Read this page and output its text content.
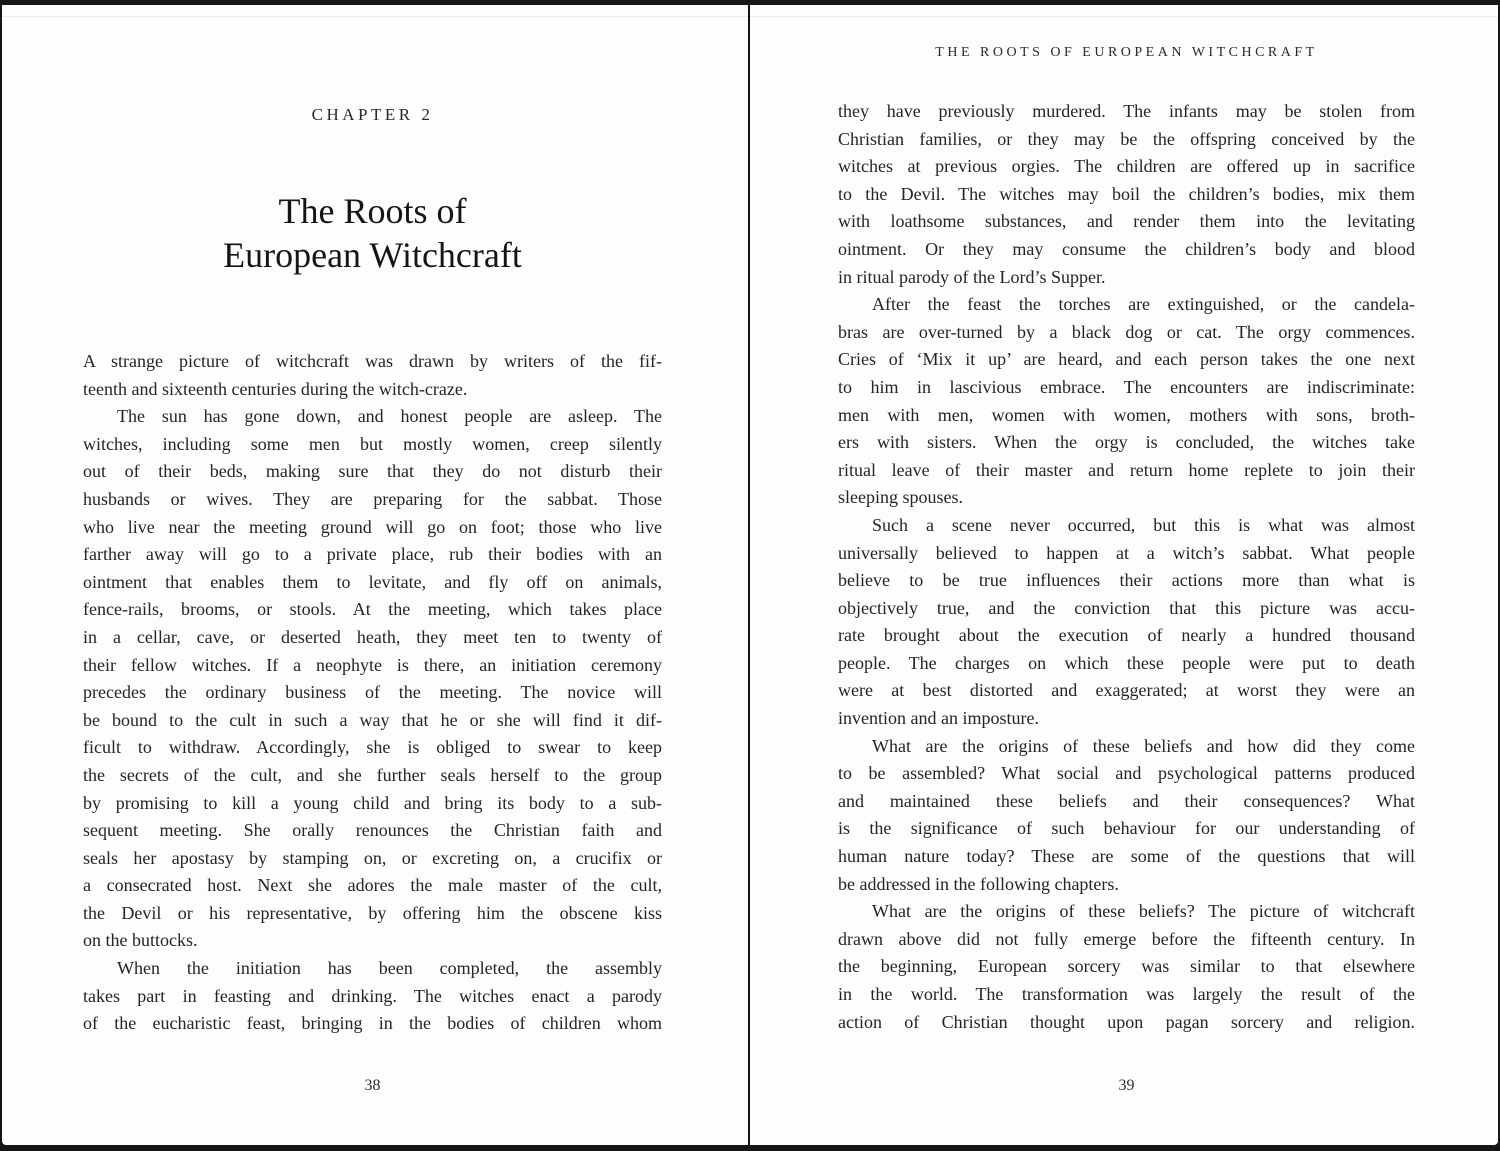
CHAPTER 2
The Roots of
European Witchcraft
A strange picture of witchcraft was drawn by writers of the fif-
teenth and sixteenth centuries during the witch-craze.
The sun has gone down, and honest people are asleep. The
witches, including some men but mostly women, creep silently
out of their beds, making sure that they do not disturb their
husbands or wives. They are preparing for the sabbat. Those
who live near the meeting ground will go on foot; those who live
farther away will go to a private place, rub their bodies with an
ointment that enables them to levitate, and fly off on animals,
fence-rails, brooms, or stools. At the meeting, which takes place
in a cellar, cave, or deserted heath, they meet ten to twenty of
their fellow witches. If a neophyte is there, an initiation ceremony
precedes the ordinary business of the meeting. The novice will
be bound to the cult in such a way that he or she will find it dif-
ficult to withdraw. Accordingly, she is obliged to swear to keep
the secrets of the cult, and she further seals herself to the group
by promising to kill a young child and bring its body to a sub-
sequent meeting. She orally renounces the Christian faith and
seals her apostasy by stamping on, or excreting on, a crucifix or
a consecrated host. Next she adores the male master of the cult,
the Devil or his representative, by offering him the obscene kiss
on the buttocks.
When the initiation has been completed, the assembly
takes part in feasting and drinking. The witches enact a parody
of the eucharistic feast, bringing in the bodies of children whom
38
THE ROOTS OF EUROPEAN WITCHCRAFT
they have previously murdered. The infants may be stolen from
Christian families, or they may be the offspring conceived by the
witches at previous orgies. The children are offered up in sacrifice
to the Devil. The witches may boil the children’s bodies, mix them
with loathsome substances, and render them into the levitating
ointment. Or they may consume the children’s body and blood
in ritual parody of the Lord’s Supper.
After the feast the torches are extinguished, or the candela-
bras are over-turned by a black dog or cat. The orgy commences.
Cries of ‘Mix it up’ are heard, and each person takes the one next
to him in lascivious embrace. The encounters are indiscriminate:
men with men, women with women, mothers with sons, broth-
ers with sisters. When the orgy is concluded, the witches take
ritual leave of their master and return home replete to join their
sleeping spouses.
Such a scene never occurred, but this is what was almost
universally believed to happen at a witch’s sabbat. What people
believe to be true influences their actions more than what is
objectively true, and the conviction that this picture was accu-
rate brought about the execution of nearly a hundred thousand
people. The charges on which these people were put to death
were at best distorted and exaggerated; at worst they were an
invention and an imposture.
What are the origins of these beliefs and how did they come
to be assembled? What social and psychological patterns produced
and maintained these beliefs and their consequences? What
is the significance of such behaviour for our understanding of
human nature today? These are some of the questions that will
be addressed in the following chapters.
What are the origins of these beliefs? The picture of witchcraft
drawn above did not fully emerge before the fifteenth century. In
the beginning, European sorcery was similar to that elsewhere
in the world. The transformation was largely the result of the
action of Christian thought upon pagan sorcery and religion.
39
